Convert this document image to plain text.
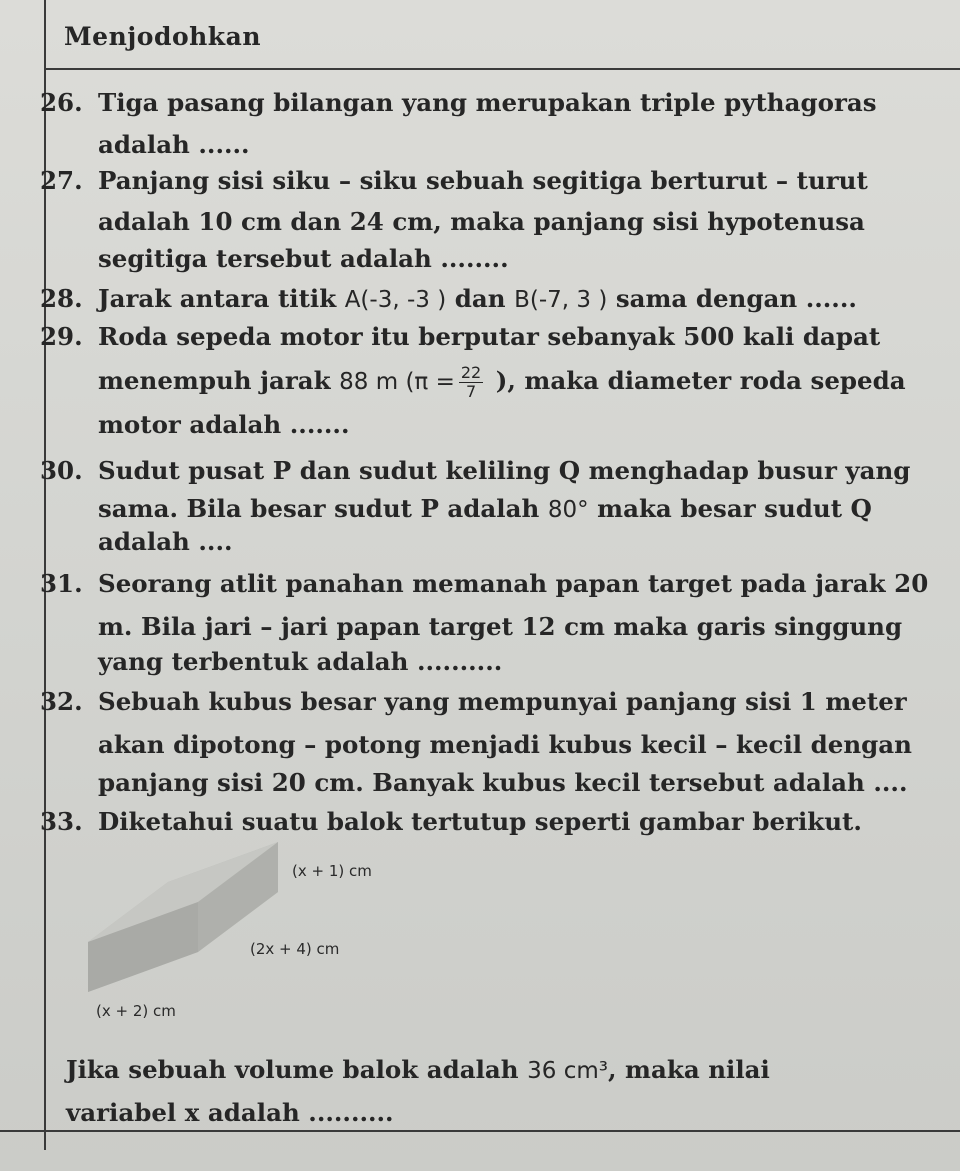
Menjodohkan
26. Tiga pasang bilangan yang merupakan triple pythagoras
adalah ......
27. Panjang sisi siku – siku sebuah segitiga berturut – turut
adalah 10 cm dan 24 cm, maka panjang sisi hypotenusa
segitiga tersebut adalah ........
28. Jarak antara titik A(-3, -3 ) dan B(-7, 3 ) sama dengan ......
29. Roda sepeda motor itu berputar sebanyak 500 kali dapat
menempuh jarak 88 m ($\pi = \frac{22}{7}$ ), maka diameter roda sepeda
motor adalah .......
30. Sudut pusat P dan sudut keliling Q menghadap busur yang
sama. Bila besar sudut P adalah 80° maka besar sudut Q
adalah ....
31. Seorang atlit panahan memanah papan target pada jarak 20
m. Bila jari – jari papan target 12 cm maka garis singgung
yang terbentuk adalah ..........
32. Sebuah kubus besar yang mempunyai panjang sisi 1 meter
akan dipotong – potong menjadi kubus kecil – kecil dengan
panjang sisi 20 cm. Banyak kubus kecil tersebut adalah ....
33. Diketahui suatu balok tertutup seperti gambar berikut.
(x + 1) cm
(2x + 4) cm
(x + 2) cm
Jika sebuah volume balok adalah 36 cm³, maka nilai
variabel x adalah ..........
